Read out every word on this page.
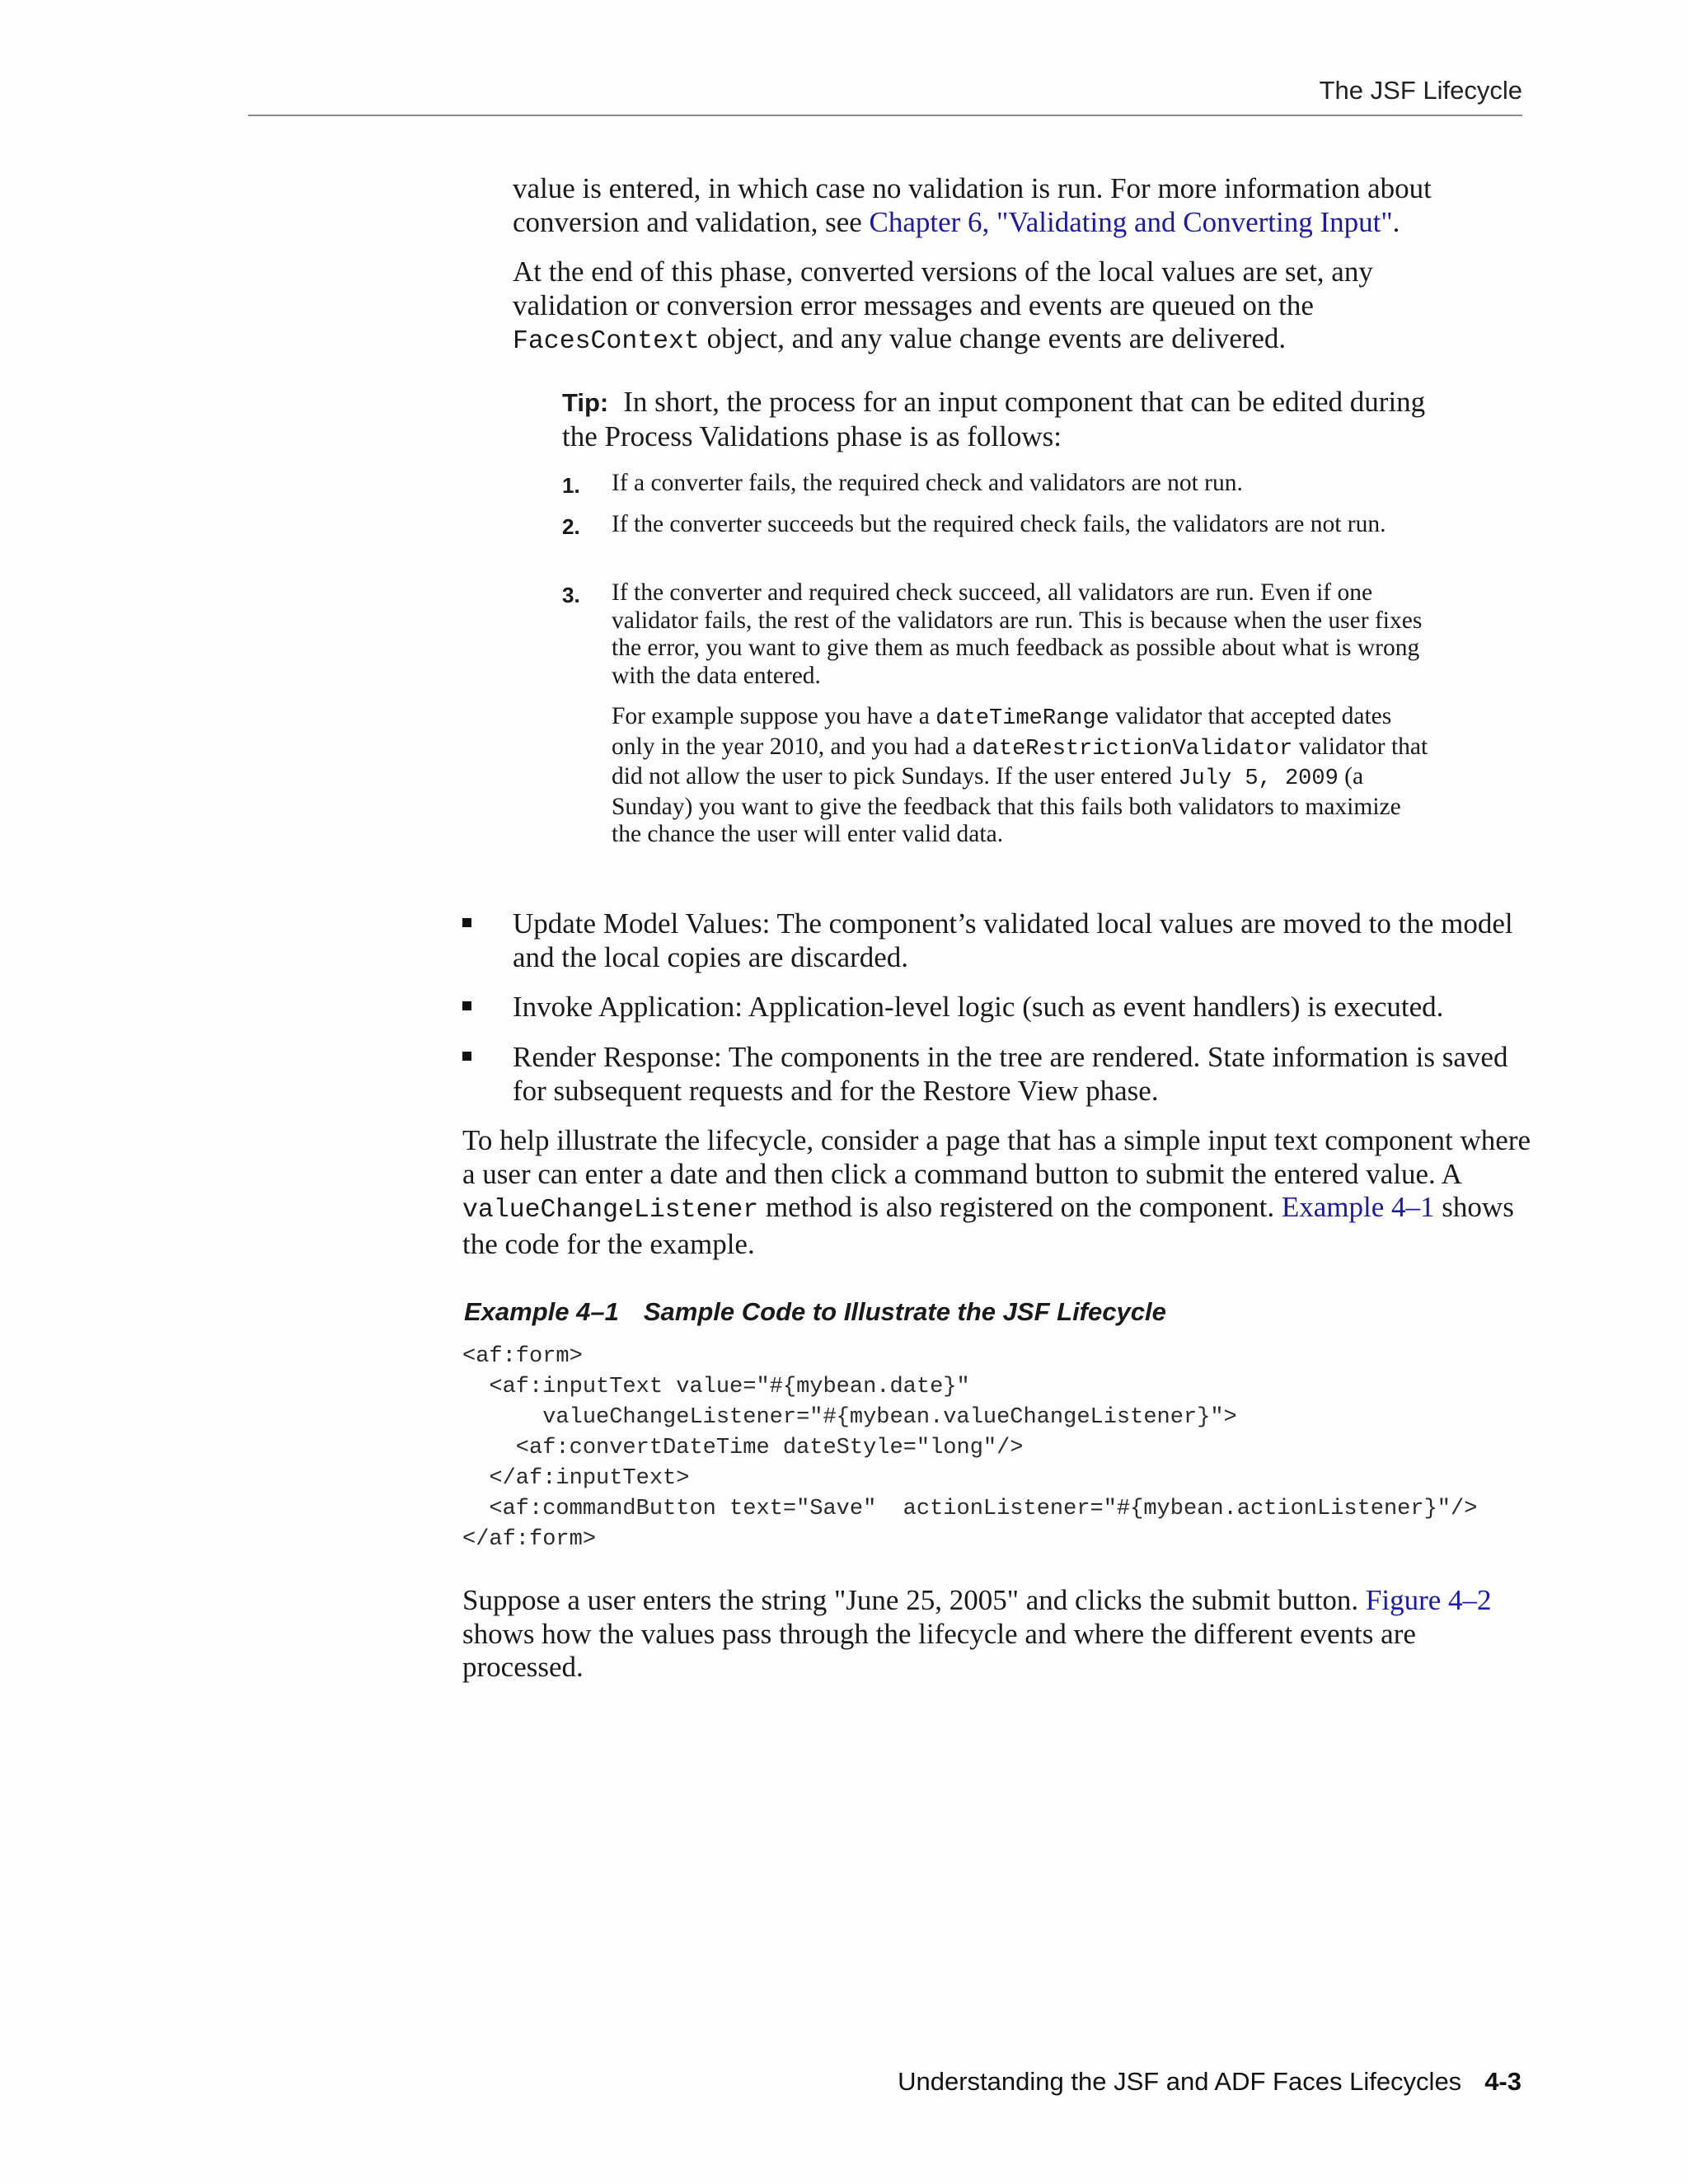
The JSF Lifecycle

value is entered, in which case no validation is run. For more information about conversion and validation, see Chapter 6, "Validating and Converting Input".

At the end of this phase, converted versions of the local values are set, any validation or conversion error messages and events are queued on the FacesContext object, and any value change events are delivered.

Tip: In short, the process for an input component that can be edited during the Process Validations phase is as follows:

1. If a converter fails, the required check and validators are not run.
2. If the converter succeeds but the required check fails, the validators are not run.
3. If the converter and required check succeed, all validators are run. Even if one validator fails, the rest of the validators are run. This is because when the user fixes the error, you want to give them as much feedback as possible about what is wrong with the data entered.
For example suppose you have a dateTimeRange validator that accepted dates only in the year 2010, and you had a dateRestrictionValidator validator that did not allow the user to pick Sundays. If the user entered July 5, 2009 (a Sunday) you want to give the feedback that this fails both validators to maximize the chance the user will enter valid data.
Update Model Values: The component’s validated local values are moved to the model and the local copies are discarded.
Invoke Application: Application-level logic (such as event handlers) is executed.
Render Response: The components in the tree are rendered. State information is saved for subsequent requests and for the Restore View phase.

To help illustrate the lifecycle, consider a page that has a simple input text component where a user can enter a date and then click a command button to submit the entered value. A valueChangeListener method is also registered on the component. Example 4–1 shows the code for the example.

Example 4–1 Sample Code to Illustrate the JSF Lifecycle
<af:form>
<af:inputText value="#{mybean.date}"
valueChangeListener="#{mybean.valueChangeListener}">
<af:convertDateTime dateStyle="long"/>
</af:inputText>
<af:commandButton text="Save"  actionListener="#{mybean.actionListener}"/>
</af:form>

Suppose a user enters the string "June 25, 2005" and clicks the submit button. Figure 4–2 shows how the values pass through the lifecycle and where the different events are processed.

Understanding the JSF and ADF Faces Lifecycles 4-3
